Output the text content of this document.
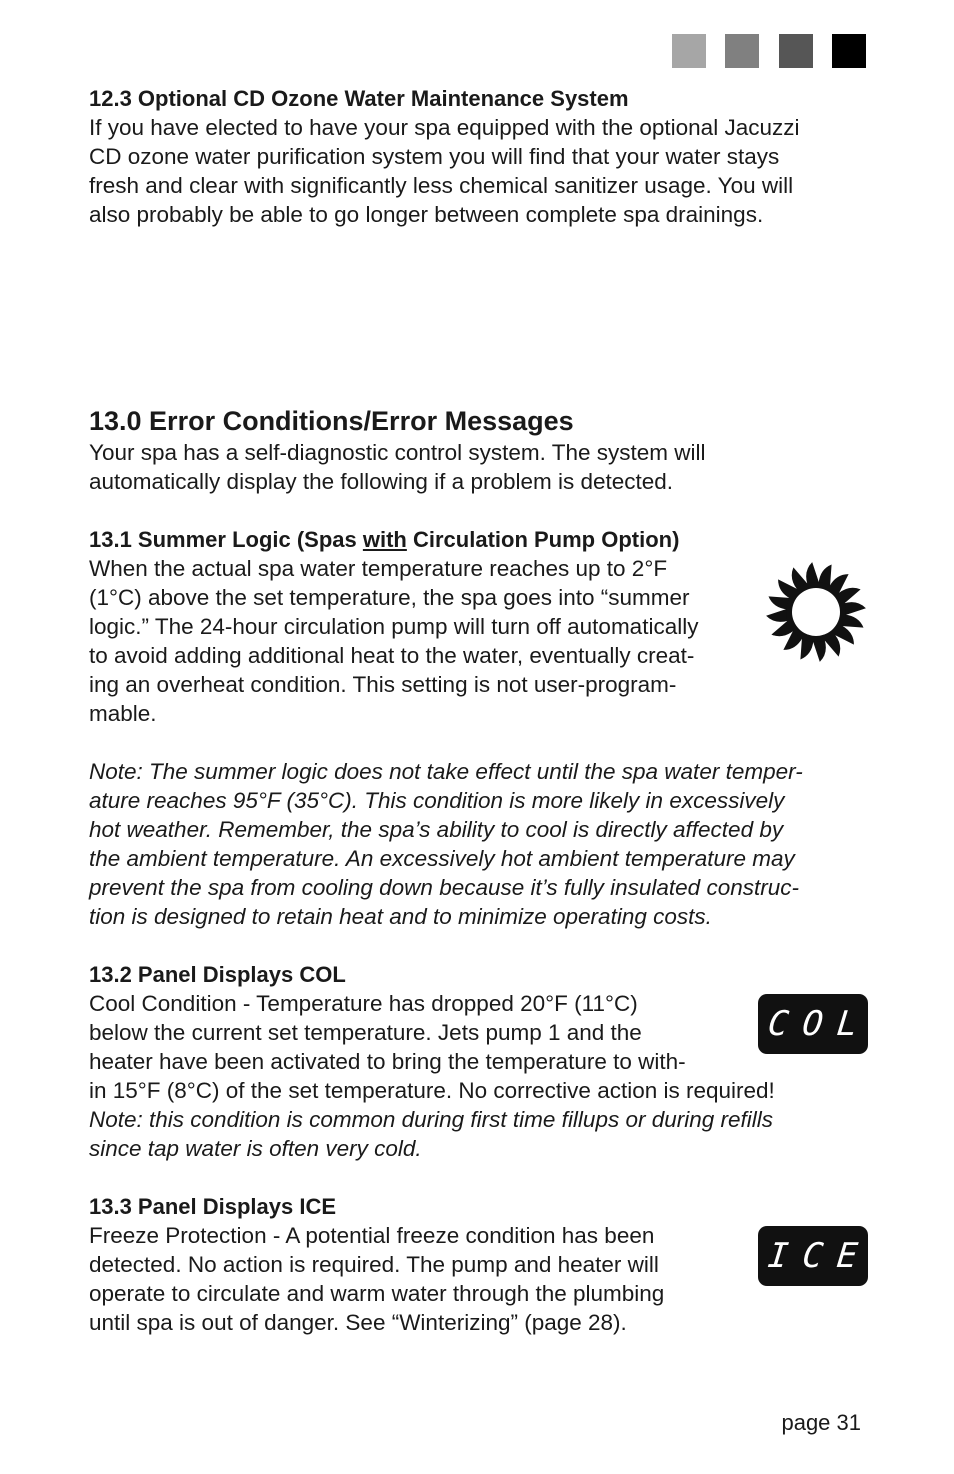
12.3 Optional CD Ozone Water Maintenance System

If you have elected to have your spa equipped with the optional Jacuzzi

CD ozone water purification system you will find that your water stays

fresh and clear with significantly less chemical sanitizer usage. You will

also probably be able to go longer between complete spa drainings.

13.0 Error Conditions/Error Messages

Your spa has a self-diagnostic control system. The system will

automatically display the following if a problem is detected.

13.1 Summer Logic (Spas with Circulation Pump Option)

When the actual spa water temperature reaches up to 2°F

(1°C) above the set temperature, the spa goes into “summer

logic.” The 24-hour circulation pump will turn off automatically

to avoid adding additional heat to the water, eventually creat-

ing an overheat condition. This setting is not user-program-

mable.

Note: The summer logic does not take effect until the spa water temper-

ature reaches 95°F (35°C). This condition is more likely in excessively

hot weather. Remember, the spa’s ability to cool is directly affected by

the ambient temperature. An excessively hot ambient temperature may

prevent the spa from cooling down because it’s fully insulated construc-

tion is designed to retain heat and to minimize operating costs.

13.2 Panel Displays COL

Cool Condition - Temperature has dropped 20°F (11°C)

below the current set temperature. Jets pump 1 and the

heater have been activated to bring the temperature to with-

in 15°F (8°C) of the set temperature. No corrective action is required!

Note: this condition is common during first time fillups or during refills

since tap water is often very cold.

COL

13.3 Panel Displays ICE

Freeze Protection - A potential freeze condition has been

detected. No action is required. The pump and heater will

operate to circulate and warm water through the plumbing

until spa is out of danger. See “Winterizing” (page 28).

ICE
page 31
